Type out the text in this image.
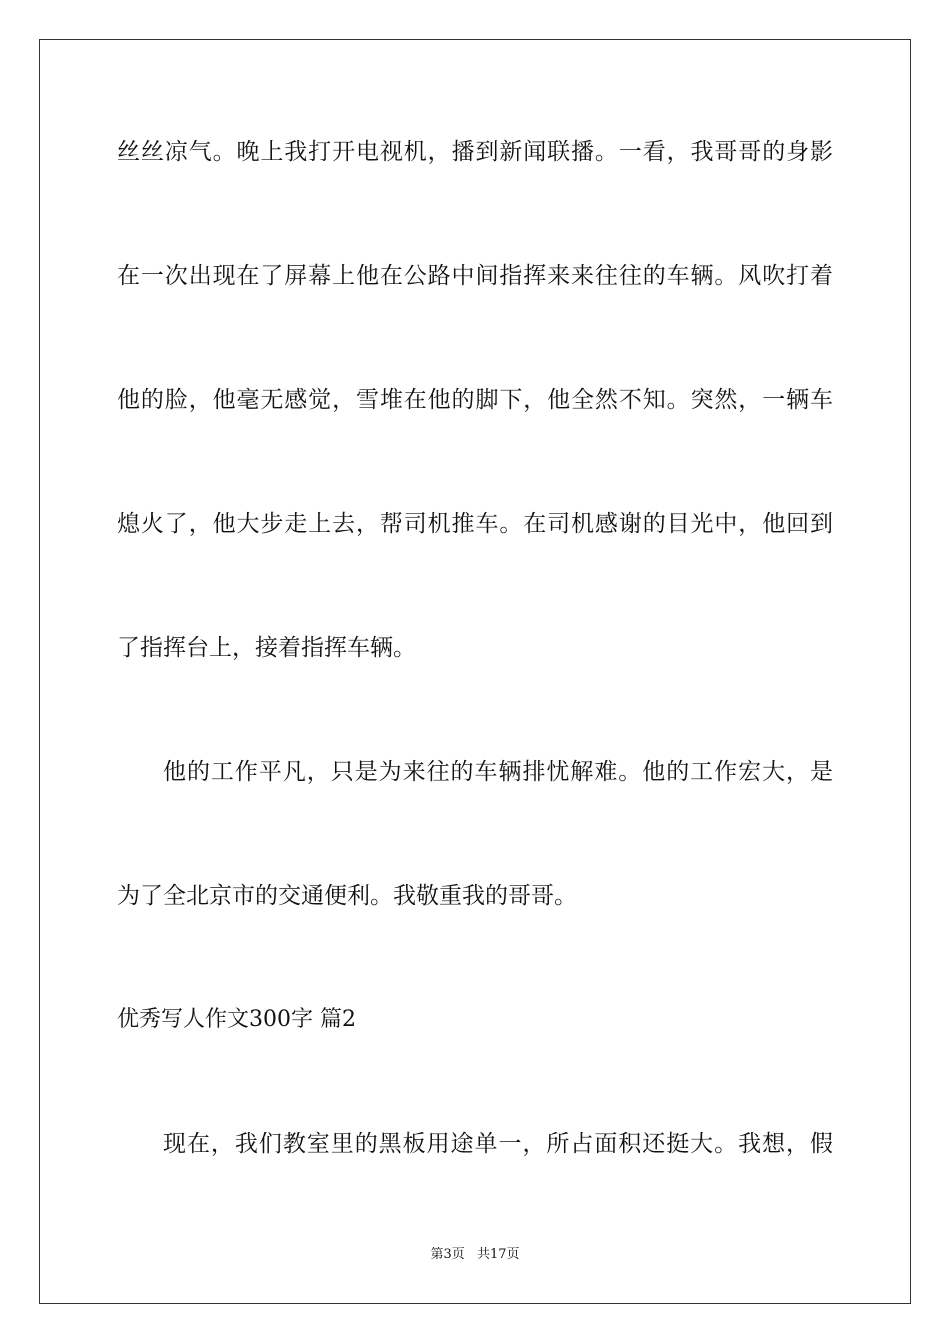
丝丝凉气。晚上我打开电视机，播到新闻联播。一看，我哥哥的身影
在一次出现在了屏幕上他在公路中间指挥来来往往的车辆。风吹打着
他的脸，他毫无感觉，雪堆在他的脚下，他全然不知。突然，一辆车
熄火了，他大步走上去，帮司机推车。在司机感谢的目光中，他回到
了指挥台上，接着指挥车辆。
他的工作平凡，只是为来往的车辆排忧解难。他的工作宏大，是
为了全北京市的交通便利。我敬重我的哥哥。
优秀写人作文300字 篇2
现在，我们教室里的黑板用途单一，所占面积还挺大。我想，假
第3页 共17页
